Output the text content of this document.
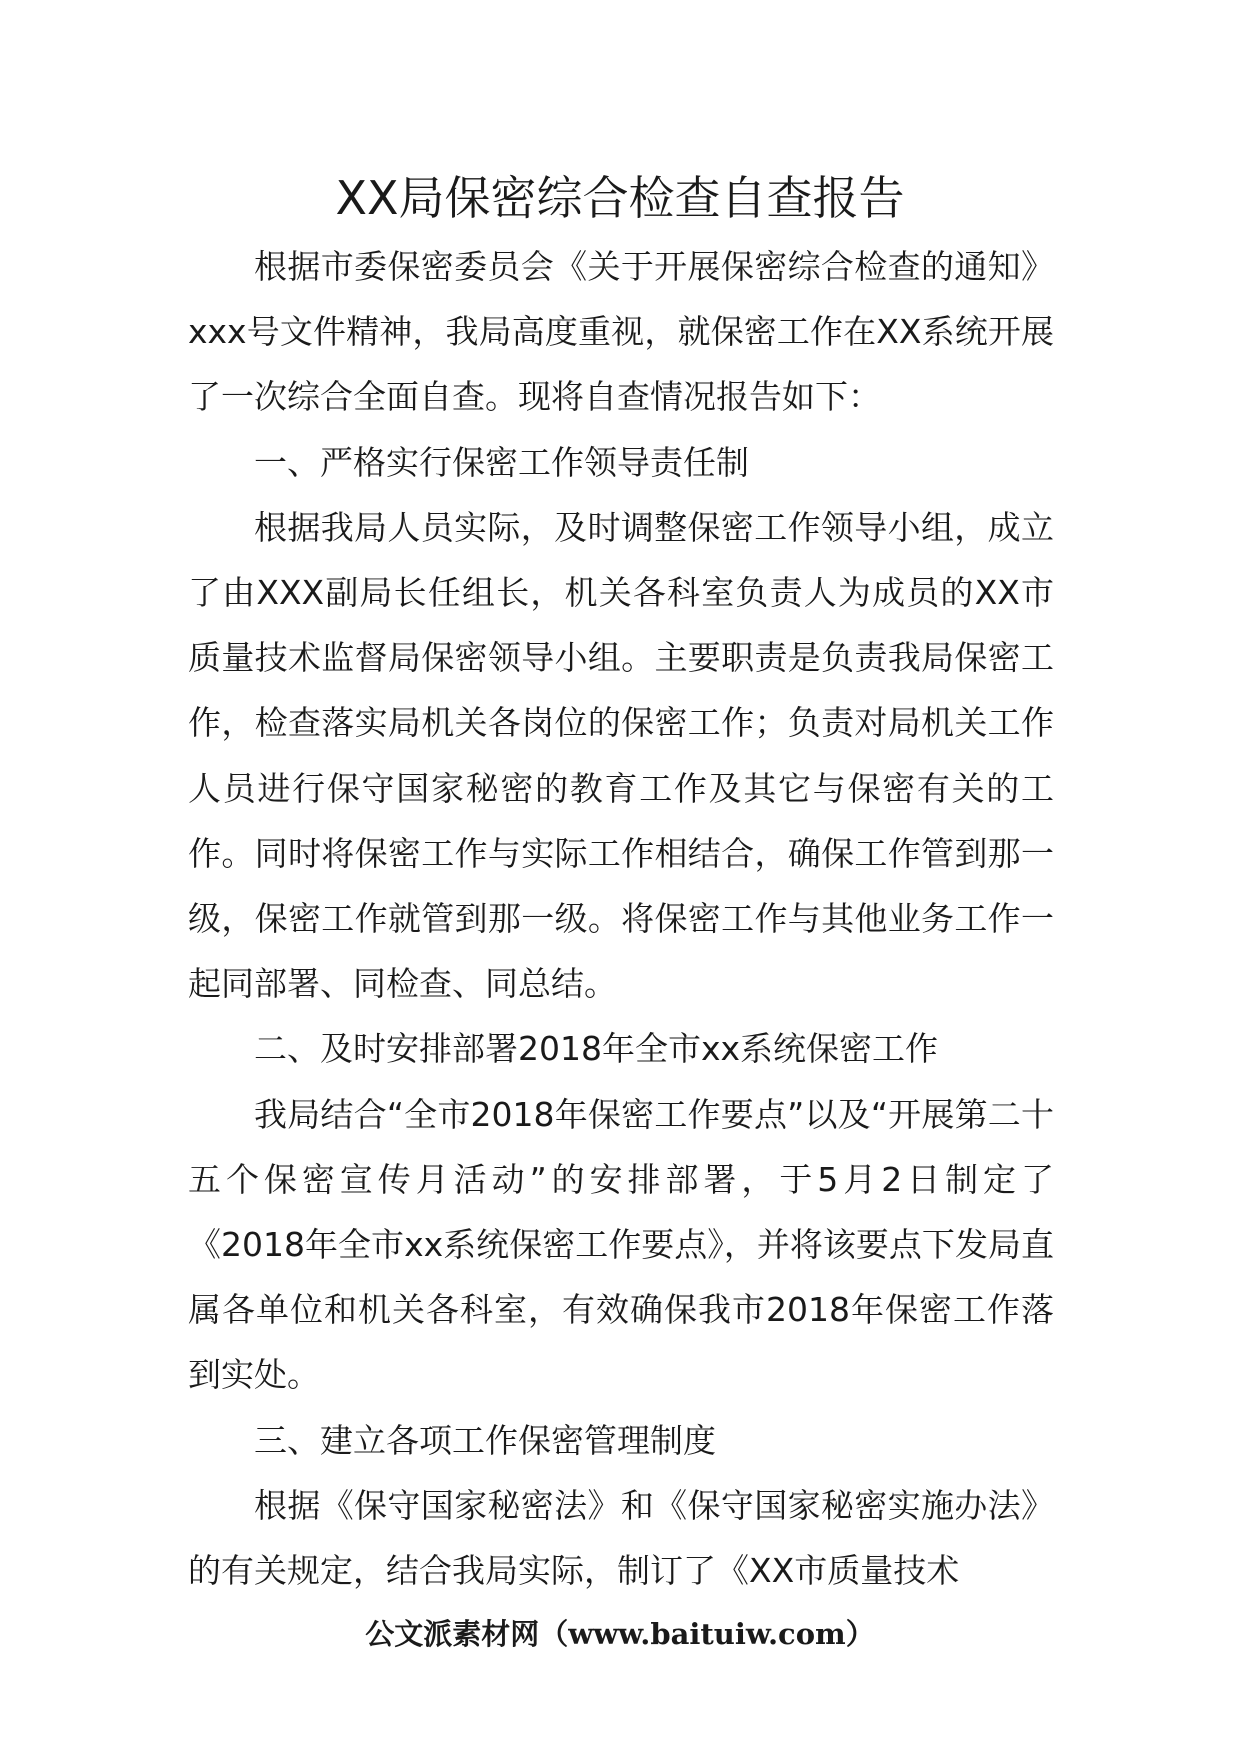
XX局保密综合检查自查报告

根据市委保密委员会《关于开展保密综合检查的通知》xxx号文件精神，我局高度重视，就保密工作在XX系统开展了一次综合全面自查。现将自查情况报告如下：

一、严格实行保密工作领导责任制

根据我局人员实际，及时调整保密工作领导小组，成立了由XXX副局长任组长，机关各科室负责人为成员的XX市质量技术监督局保密领导小组。主要职责是负责我局保密工作，检查落实局机关各岗位的保密工作；负责对局机关工作人员进行保守国家秘密的教育工作及其它与保密有关的工作。同时将保密工作与实际工作相结合，确保工作管到那一级，保密工作就管到那一级。将保密工作与其他业务工作一起同部署、同检查、同总结。

二、及时安排部署2018年全市xx系统保密工作

我局结合“全市2018年保密工作要点”以及“开展第二十五个保密宣传月活动”的安排部署，于5月2日制定了《2018年全市xx系统保密工作要点》，并将该要点下发局直属各单位和机关各科室，有效确保我市2018年保密工作落到实处。

三、建立各项工作保密管理制度

根据《保守国家秘密法》和《保守国家秘密实施办法》的有关规定，结合我局实际，制订了《XX市质量技术

公文派素材网（www.baituiw.com）
